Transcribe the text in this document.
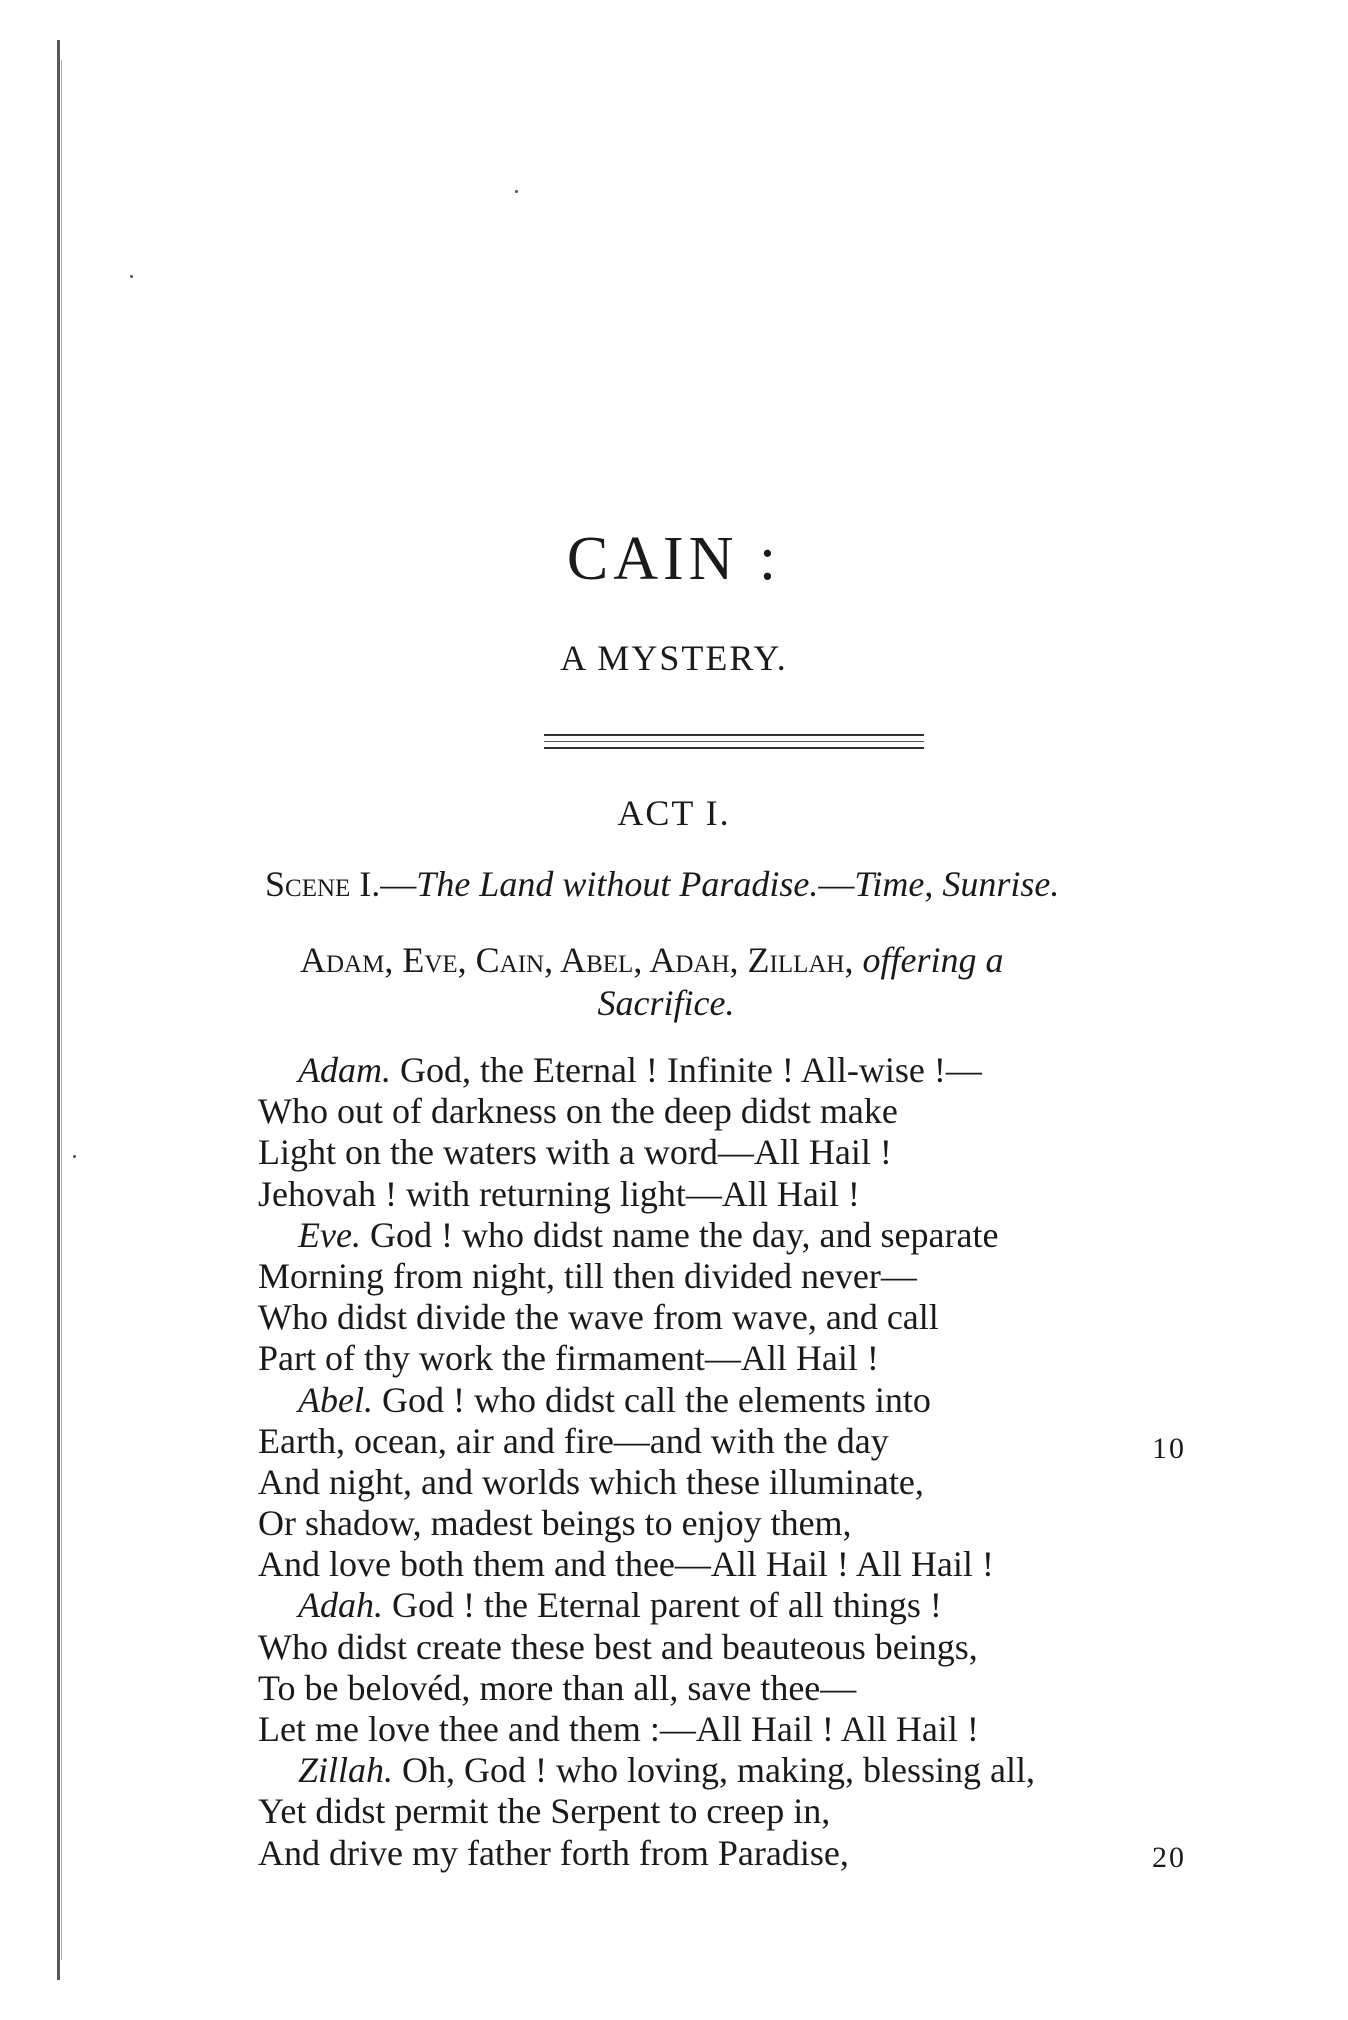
CAIN :
A MYSTERY.
ACT I.
Scene I.—The Land without Paradise.—Time, Sunrise.
Adam, Eve, Cain, Abel, Adah, Zillah, offering a
Sacrifice.
Adam. God, the Eternal ! Infinite ! All-wise !—
Who out of darkness on the deep didst make
Light on the waters with a word—All Hail !
Jehovah ! with returning light—All Hail !
Eve. God ! who didst name the day, and separate
Morning from night, till then divided never—
Who didst divide the wave from wave, and call
Part of thy work the firmament—All Hail !
Abel. God ! who didst call the elements into
Earth, ocean, air and fire—and with the day
And night, and worlds which these illuminate,
Or shadow, madest beings to enjoy them,
And love both them and thee—All Hail ! All Hail !
Adah. God ! the Eternal parent of all things !
Who didst create these best and beauteous beings,
To be belovéd, more than all, save thee—
Let me love thee and them :—All Hail ! All Hail !
Zillah. Oh, God ! who loving, making, blessing all,
Yet didst permit the Serpent to creep in,
And drive my father forth from Paradise,
10
20
